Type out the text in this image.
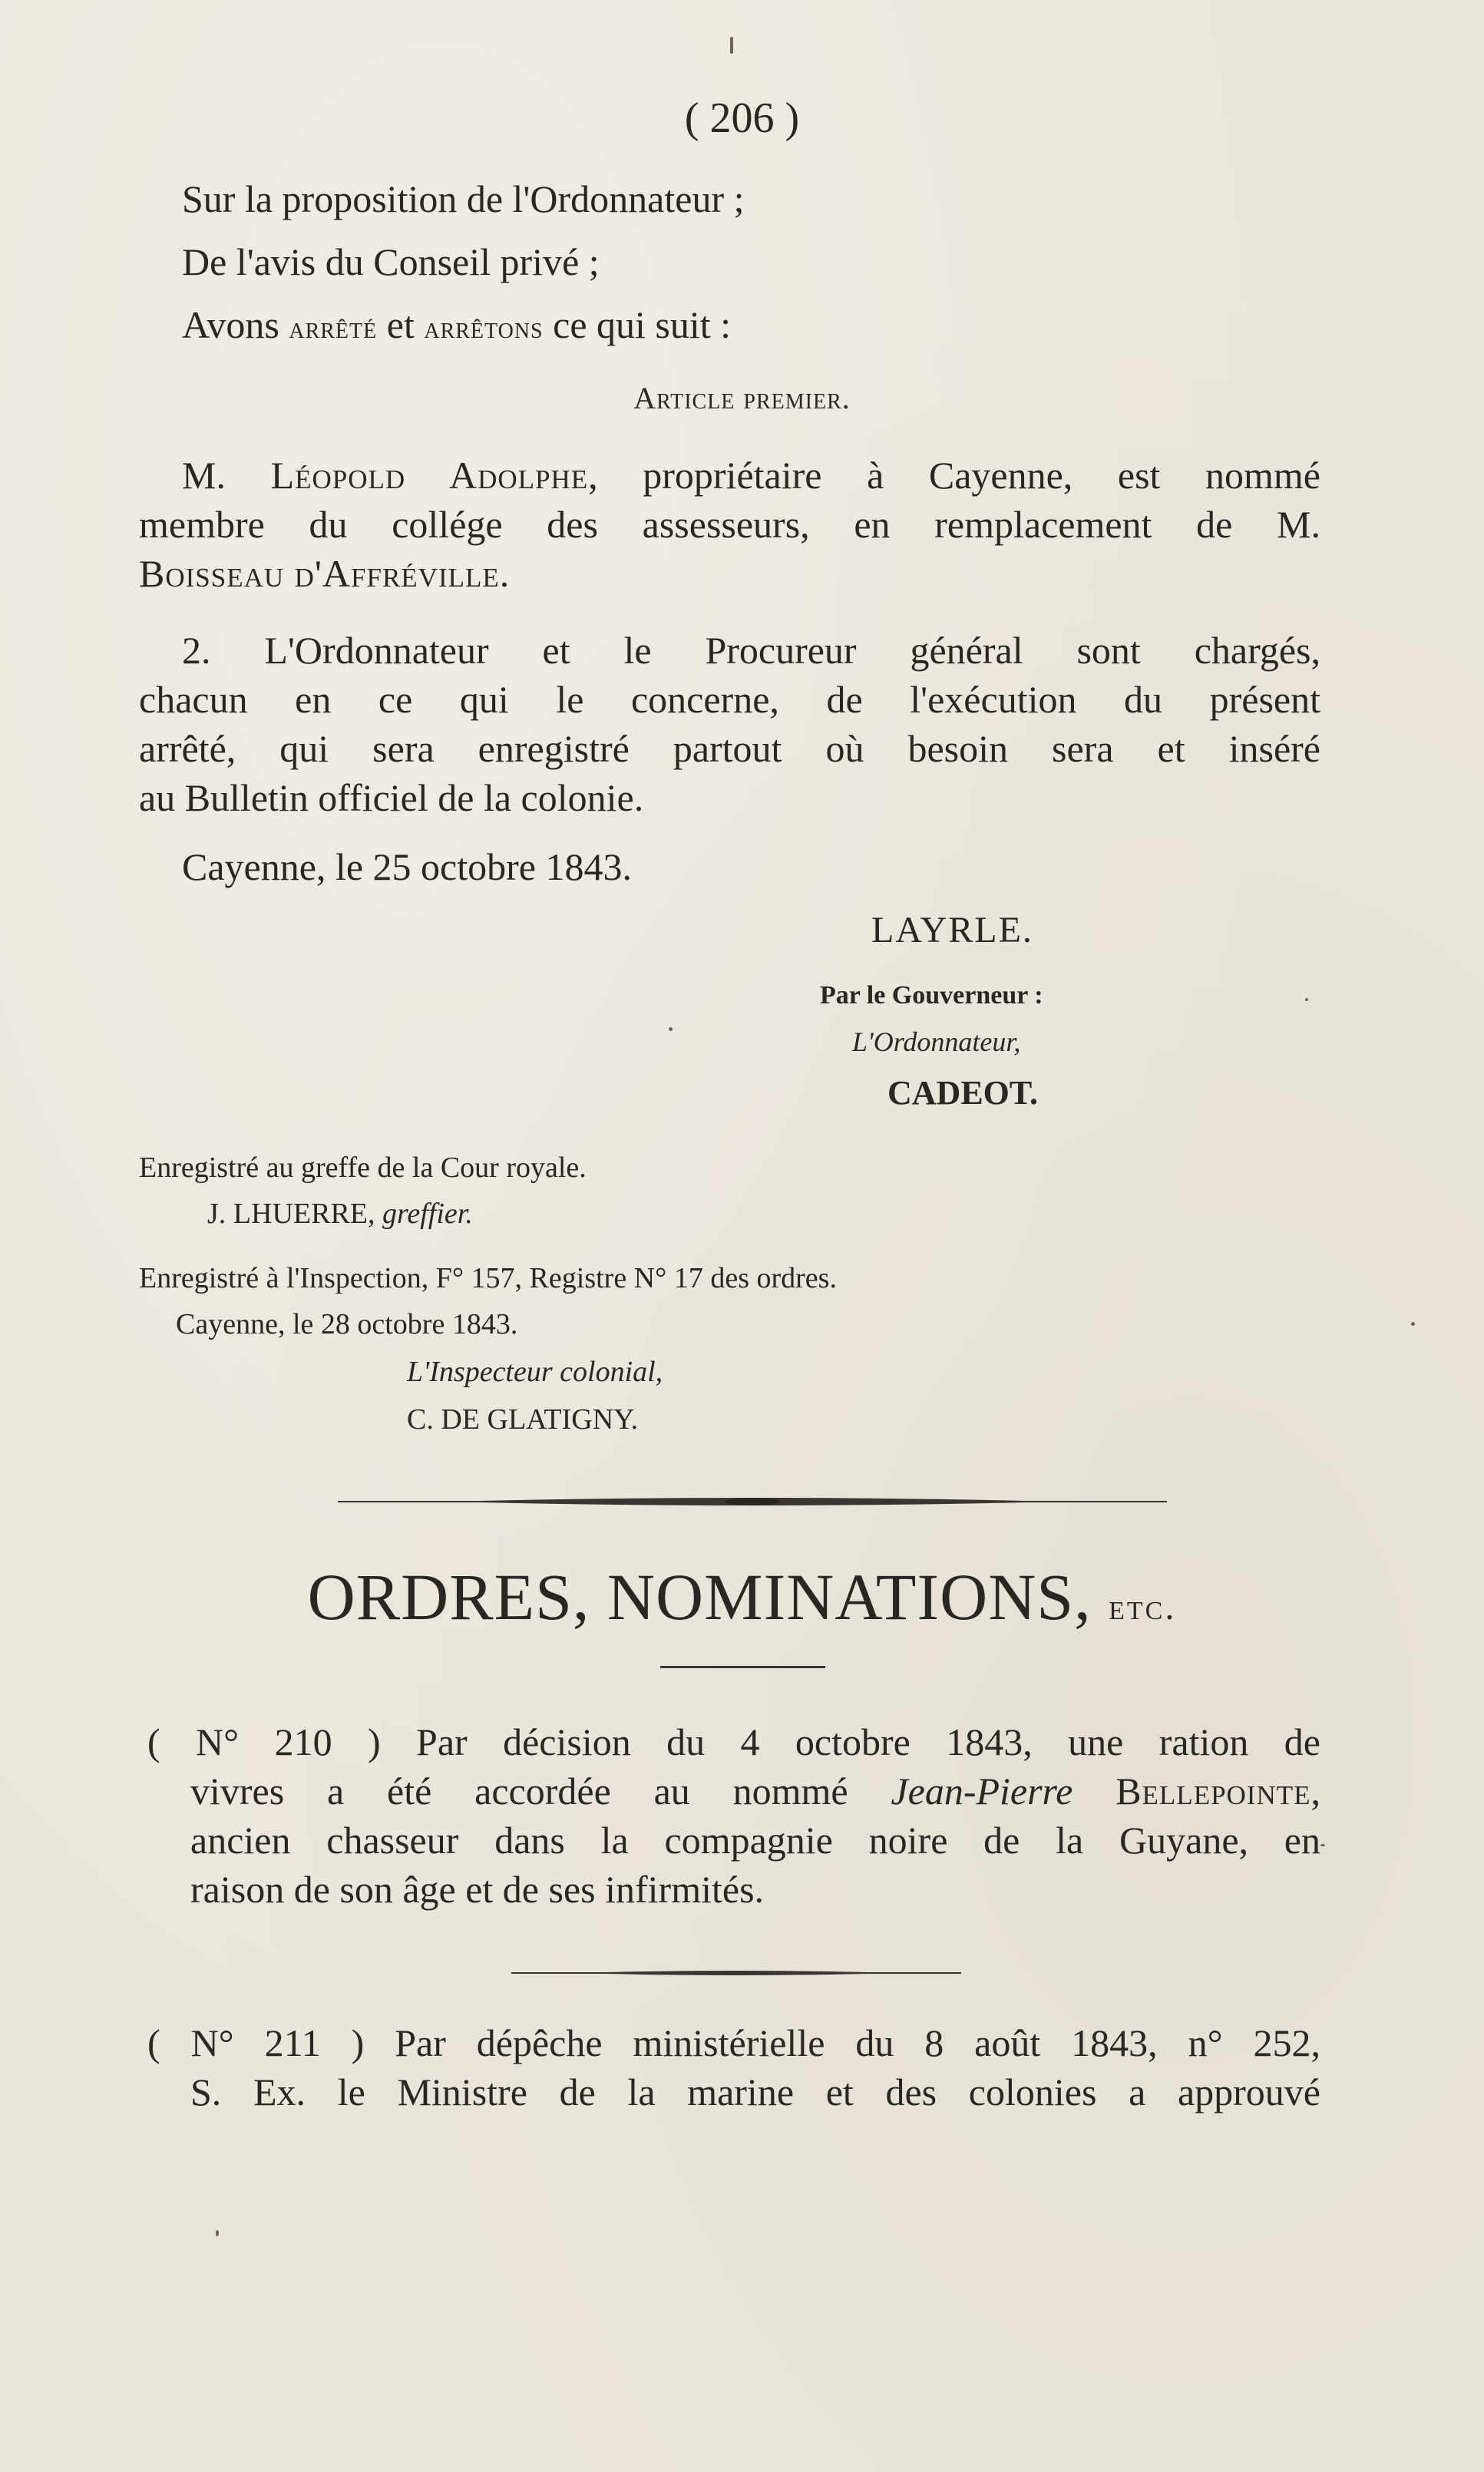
( 206 )
Sur la proposition de l'Ordonnateur ;
De l'avis du Conseil privé ;
Avons arrêté et arrêtons ce qui suit :
Article premier.
M. Léopold Adolphe, propriétaire à Cayenne, est nommé
membre du collége des assesseurs, en remplacement de M.
Boisseau d'Affréville.
2. L'Ordonnateur et le Procureur général sont chargés,
chacun en ce qui le concerne, de l'exécution du présent
arrêté, qui sera enregistré partout où besoin sera et inséré
au Bulletin officiel de la colonie.
Cayenne, le 25 octobre 1843.
LAYRLE.
Par le Gouverneur :
L'Ordonnateur,
CADEOT.
Enregistré au greffe de la Cour royale.
J. LHUERRE, greffier.
Enregistré à l'Inspection, F° 157, Registre N° 17 des ordres.
Cayenne, le 28 octobre 1843.
L'Inspecteur colonial,
C. DE GLATIGNY.
ORDRES, NOMINATIONS, etc.
( N° 210 ) Par décision du 4 octobre 1843, une ration de
vivres a été accordée au nommé Jean-Pierre Bellepointe,
ancien chasseur dans la compagnie noire de la Guyane, en
raison de son âge et de ses infirmités.
( N° 211 ) Par dépêche ministérielle du 8 août 1843, n° 252,
S. Ex. le Ministre de la marine et des colonies a approuvé
